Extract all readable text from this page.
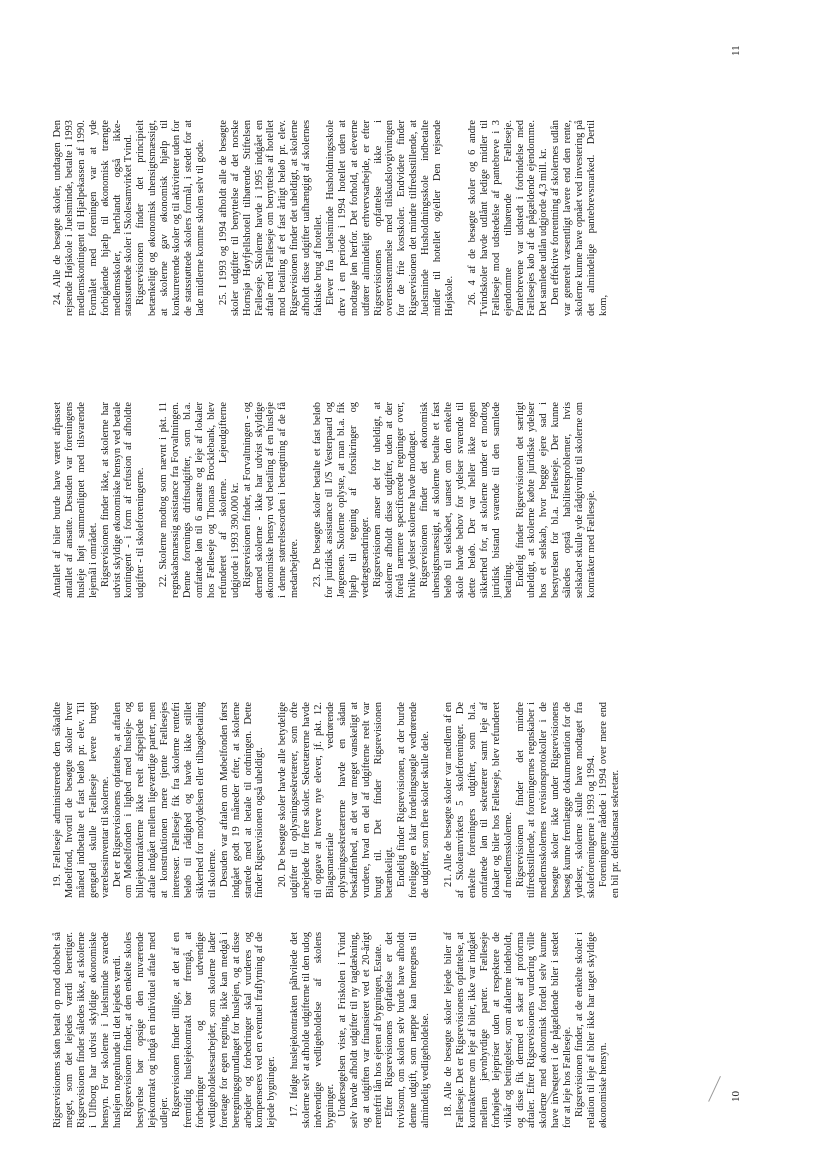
Rigsrevisionens skøn betalt op mod dobbelt så meget, som det lejedes værdi berettiger. Rigsrevisionen finder således ikke, at skolerne i Ulfborg har udvist skyldige økonomiske hensyn. For skolerne i Juelsminde svarede huslejen nogenlunde til det lejedes værdi. Rigsrevisionen finder, at den enkelte skoles bestyrelse bør opsige den nuværende lejekontrakt og indgå en individuel aftale med udlejer. Rigsrevisionen finder tillige, at det af en fremtidig huslejekontrakt bør fremgå, at forbedringer og udvendige vedligeholdelsesarbejder, som skolerne lader foretage for egen regning, ikke kan medgå i beregningsgrundlaget for huslejen, og at disse arbejder og forbedringer skal vurderes og kompenseres ved en eventuel fraflytning af de lejede bygninger. 17. Ifølge huslejekontrakten påhvilede det skolerne selv at afholde udgifterne til den udog indvendige vedligeholdelse af skolens bygninger. Undersøgelsen viste, at Friskolen i Tvind selv havde afholdt udgifter til ny tagdækning, og at udgiften var finansieret ved et 20-årigt rentefrit lån hos ejeren af bygningen, Estate. Efter Rigsrevisionens opfattelse er det tvivlsomt, om skolen selv burde have afholdt denne udgift, som næppe kan henregnes til almindelig vedligeholdelse. 18. Alle de besøgte skoler lejede biler af Fælleseje. Det er Rigsrevisionens opfattelse, at kontrakterne om leje af biler, ikke var indgået mellem jævnbyrdige parter. Fælleseje forhøjede lejepriser uden at respektere de vilkår og betingelser, som aftalerne indeholdt, og disse fik dermed et skær af proforma aftaler. Efter Rigsrevisionens vurdering ville skolerne med økonomisk fordel selv kunne have investeret i de pågældende biler i stedet for at leje hos Fælleseje. Rigsrevisionen finder, at de enkelte skoler i relation til leje af biler ikke har taget skyldige økonomiske hensyn.

19. Fælleseje administrerede den såkaldte Møbelfond, hvortil de besøgte skoler hver måned indbetalte et fast beløb pr. elev. Til gengæld skulle Fælleseje levere brugt værelsesinventar til skolerne. Det er Rigsrevisionens opfattelse, at aftalen om Møbelfonden i lighed med husleje- og billejekontrakterne ikke reelt afspejlede en aftale indgået mellem ligeværdige parter, men at konstruktionen mere tjente Fællesejes interesser. Fælleseje fik fra skolerne rentefri beløb til rådighed og havde ikke stillet sikkerhed for modydelsen eller tilbagebetaling til skolerne. Desuden var aftalen om Møbelfonden først indgået godt 19 måneder efter, at skolerne startede med at betale til ordningen. Dette finder Rigsrevisionen også uheldigt. 20. De besøgte skoler havde alle betydelige udgifter til oplysningssekretærer, som ofte arbejdede for flere skoler. Sekretærerne havde til opgave at hverve nye elever, jf. pkt. 12. Bilagsmateriale vedrørende oplysningssekretærerne havde en sådan beskaffenhed, at det var meget vanskeligt at vurdere, hvad en del af udgifterne reelt var brugt til. Det finder Rigsrevisionen betænkeligt. Endelig finder Rigsrevisionen, at der burde foreligge en klar fordelingsnøgle vedrørende de udgifter, som flere skoler skulle dele. 21. Alle de besøgte skoler var medlem af en af Skoleamvirkets 5 skoleforeninger. De enkelte foreningers udgifter, som bl.a. omfattede løn til sekretærer samt leje af lokaler og biler hos Fælleseje, blev refunderet af medlemsskolerne. Rigsrevisionen finder det mindre tilfredsstillende, at foreningernes regnskaber i medlemsskolernes revisionsprotokoller i de besøgte skoler ikke under Rigsrevisionens besøg kunne fremlægge dokumentation for de ydelser, skolerne skulle have modtaget fra skoleforeningerne i 1993 og 1994. Foreningerne rådede i 1994 over mere end en bil pr. deltidsansat sekretær.

Antallet af biler burde have været afpasset antallet af ansatte. Desuden var foreningens husleje højt sammenlignet med tilsvarende lejemål i området. Rigsrevisionen finder ikke, at skolerne har udvist skyldige økonomiske hensyn ved betale kontingent - i form af refusion af afholdte udgifter - til skoleforeningerne. 22. Skolerne modtog som nævnt i pkt. 11 regnskabsmæssig assistance fra Forvaltningen. Denne forenings driftsudgifter, som bl.a. omfattede løn til 6 ansatte og leje af lokaler hos Fælleseje og Thomas Brocklebank, blev refunderet af skolerne. Lejeudgifterne udgjorde i 1993 390.000 kr. Rigsrevisionen finder, at Forvaltningen - og dermed skolerne - ikke har udvist skyldige økonomiske hensyn ved betaling af en husleje i denne størrelsesorden i betragtning af de få medarbejdere. 23. De besøgte skoler betalte et fast beløb for juridisk assistance til I/S Vesterpaard og Jørgensen. Skolerne oplyste, at man bl.a. fik hjælp til tegning af forsikringer og vedtægtsændringer. Rigsrevisionen anser det for uheldigt, at skolerne afholdt disse udgifter, uden at der forelå nærmere specificerede regninger over, hvilke ydelser skolerne havde modtaget. Rigsrevisionen finder det økonomisk uhensigtsmæssigt, at skolerne betalte et fast beløb til selskabet, uanset om den enkelte skole havde behov for ydelser svarende til dette beløb. Der var heller ikke nogen sikkerhed for, at skolerne under et modtog juridisk bistand svarende til den samlede betaling. Endelig finder Rigsrevisionen det særligt uheldigt, at skolerne købte juridiske ydelser hos et selskab, hvor begge ejere sad i bestyrelsen for bl.a. Fælleseje. Der kunne således opstå habilitetsproblemer, hvis selskabet skulle yde rådgivning til skolerne om kontrakter med Fælleseje.

24. Alle de besøgte skoler, undtagen Den rejsende Højskole i Juelsminde, betalte i 1993 medlemskontingent til Hjælpekassen af 1990. Formålet med foreningen var at yde forbigående hjælp til økonomisk trængte medlemsskoler, herblandt også ikke-statsstøttede skoler i Skolesamvirket Tvind. Rigsrevisionen finder det principielt betænkeligt og økonomisk uhensigtsmæssigt, at skolerne gav økonomisk hjælp til konkurrerende skoler og til aktiviteter uden for de statsstøttede skolers formål, i stedet for at lade midlerne komme skolen selv til gode. 25. I 1993 og 1994 afholdt alle de besøgte skoler udgifter til benyttelse af det norske Hornsjø Høyfjellshotell tilhørende Stiftelsen Fælleseje. Skolerne havde i 1995 indgået en aftale med Fælleseje om benyttelse af hotellet mod betaling af et fast årligt beløb pr. elev. Rigsrevisionen finder det uheldigt, at skolerne afholdt disse udgifter uafhængigt af skolernes faktiske brug af hotellet. Elever fra Juelsminde Husholdningsskole drev i en periode i 1994 hotellet uden at modtage løn herfor. Det forhold, at eleverne udfører almindeligt erhvervsarbejde, er efter Rigsrevisionens opfattelse ikke i overensstemmelse med tilskudslovgivningen for de frie kostskoler. Endvidere finder Rigsrevisionen det mindre tilfredsstillende, at Juelsminde Husholdningsskole indbetalte midler til hotellet og/eller Den rejsende Højskole. 26. 4 af de besøgte skoler og 6 andre Tvindskoler havde udlånt ledige midler til Fælleseje mod udstedelse af pantebreve i 3 ejendomme tilhørende Fælleseje. Pantebrevene var udstedt i forbindelse med Fællesejes køb af de pågældende ejendomme. Det samlede udlån udgjorde 4,3 mill. kr. Den effektive forrentning af skolernes udlån var generelt væsentligt lavere end den rente, skolerne kunne have opnået ved investering på det almindelige pantebrevsmarked. Dertil kom,

10
11
